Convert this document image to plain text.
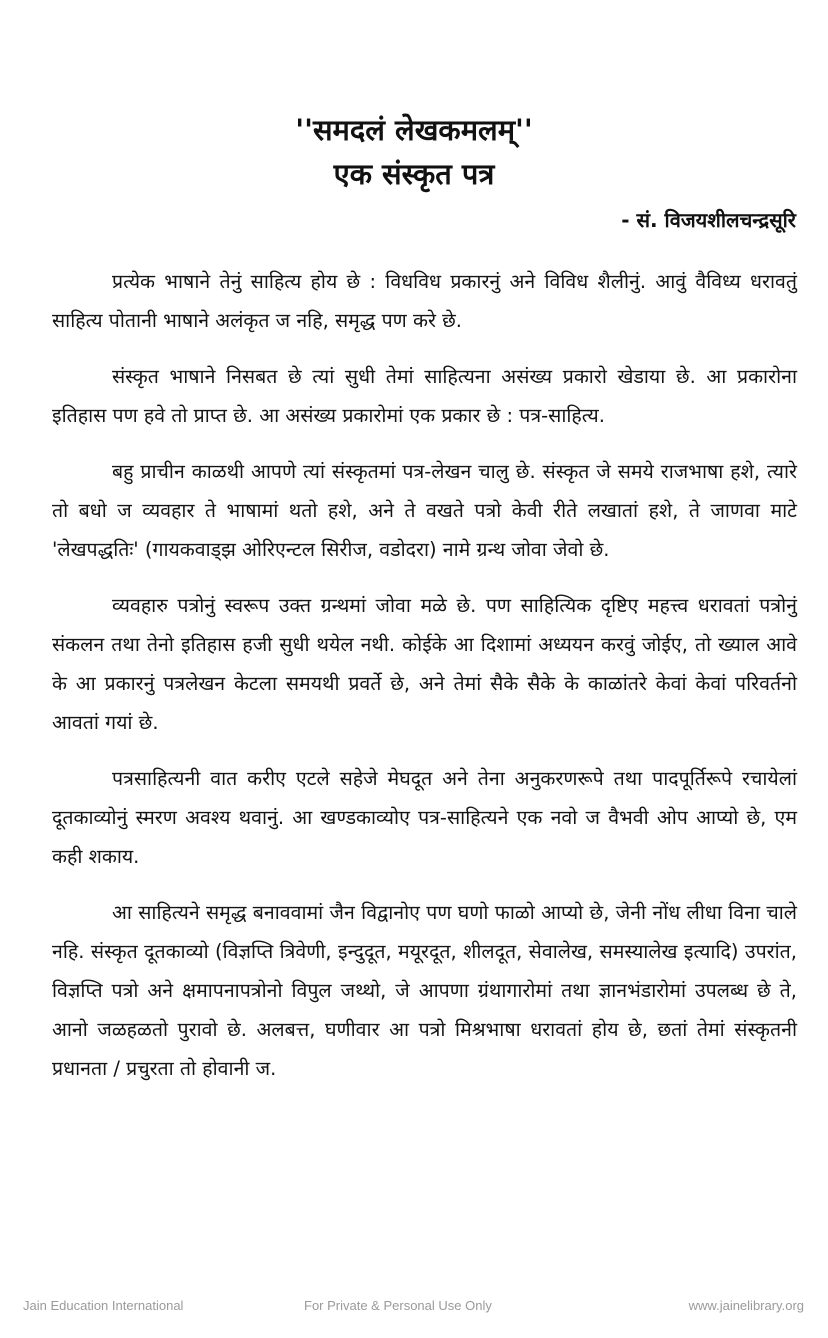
''समदलं लेखकमलम्''
एक संस्कृत पत्र
- सं. विजयशीलचन्द्रसूरि

प्रत्येक भाषाने तेनुं साहित्य होय छे : विधविध प्रकारनुं अने विविध शैलीनुं. आवुं वैविध्य धरावतुं साहित्य पोतानी भाषाने अलंकृत ज नहि, समृद्ध पण करे छे.

संस्कृत भाषाने निसबत छे त्यां सुधी तेमां साहित्यना असंख्य प्रकारो खेडाया छे. आ प्रकारोना इतिहास पण हवे तो प्राप्त छे. आ असंख्य प्रकारोमां एक प्रकार छे : पत्र-साहित्य.

बहु प्राचीन काळथी आपणे त्यां संस्कृतमां पत्र-लेखन चालु छे. संस्कृत जे समये राजभाषा हशे, त्यारे तो बधो ज व्यवहार ते भाषामां थतो हशे, अने ते वखते पत्रो केवी रीते लखातां हशे, ते जाणवा माटे 'लेखपद्धतिः' (गायकवाड्झ ओरिएन्टल सिरीज, वडोदरा) नामे ग्रन्थ जोवा जेवो छे.

व्यवहारु पत्रोनुं स्वरूप उक्त ग्रन्थमां जोवा मळे छे. पण साहित्यिक दृष्टिए महत्त्व धरावतां पत्रोनुं संकलन तथा तेनो इतिहास हजी सुधी थयेल नथी. कोईके आ दिशामां अध्ययन करवुं जोईए, तो ख्याल आवे के आ प्रकारनुं पत्रलेखन केटला समयथी प्रवर्ते छे, अने तेमां सैके सैके के काळांतरे केवां केवां परिवर्तनो आवतां गयां छे.

पत्रसाहित्यनी वात करीए एटले सहेजे मेघदूत अने तेना अनुकरणरूपे तथा पादपूर्तिरूपे रचायेलां दूतकाव्योनुं स्मरण अवश्य थवानुं. आ खण्डकाव्योए पत्र-साहित्यने एक नवो ज वैभवी ओप आप्यो छे, एम कही शकाय.

आ साहित्यने समृद्ध बनाववामां जैन विद्वानोए पण घणो फाळो आप्यो छे, जेनी नोंध लीधा विना चाले नहि. संस्कृत दूतकाव्यो (विज्ञप्ति त्रिवेणी, इन्दुदूत, मयूरदूत, शीलदूत, सेवालेख, समस्यालेख इत्यादि) उपरांत, विज्ञप्ति पत्रो अने क्षमापनापत्रोनो विपुल जथ्थो, जे आपणा ग्रंथागारोमां तथा ज्ञानभंडारोमां उपलब्ध छे ते, आनो जळहळतो पुरावो छे. अलबत्त, घणीवार आ पत्रो मिश्रभाषा धरावतां होय छे, छतां तेमां संस्कृतनी प्रधानता / प्रचुरता तो होवानी ज.

Jain Education International	For Private & Personal Use Only	www.jainelibrary.org
